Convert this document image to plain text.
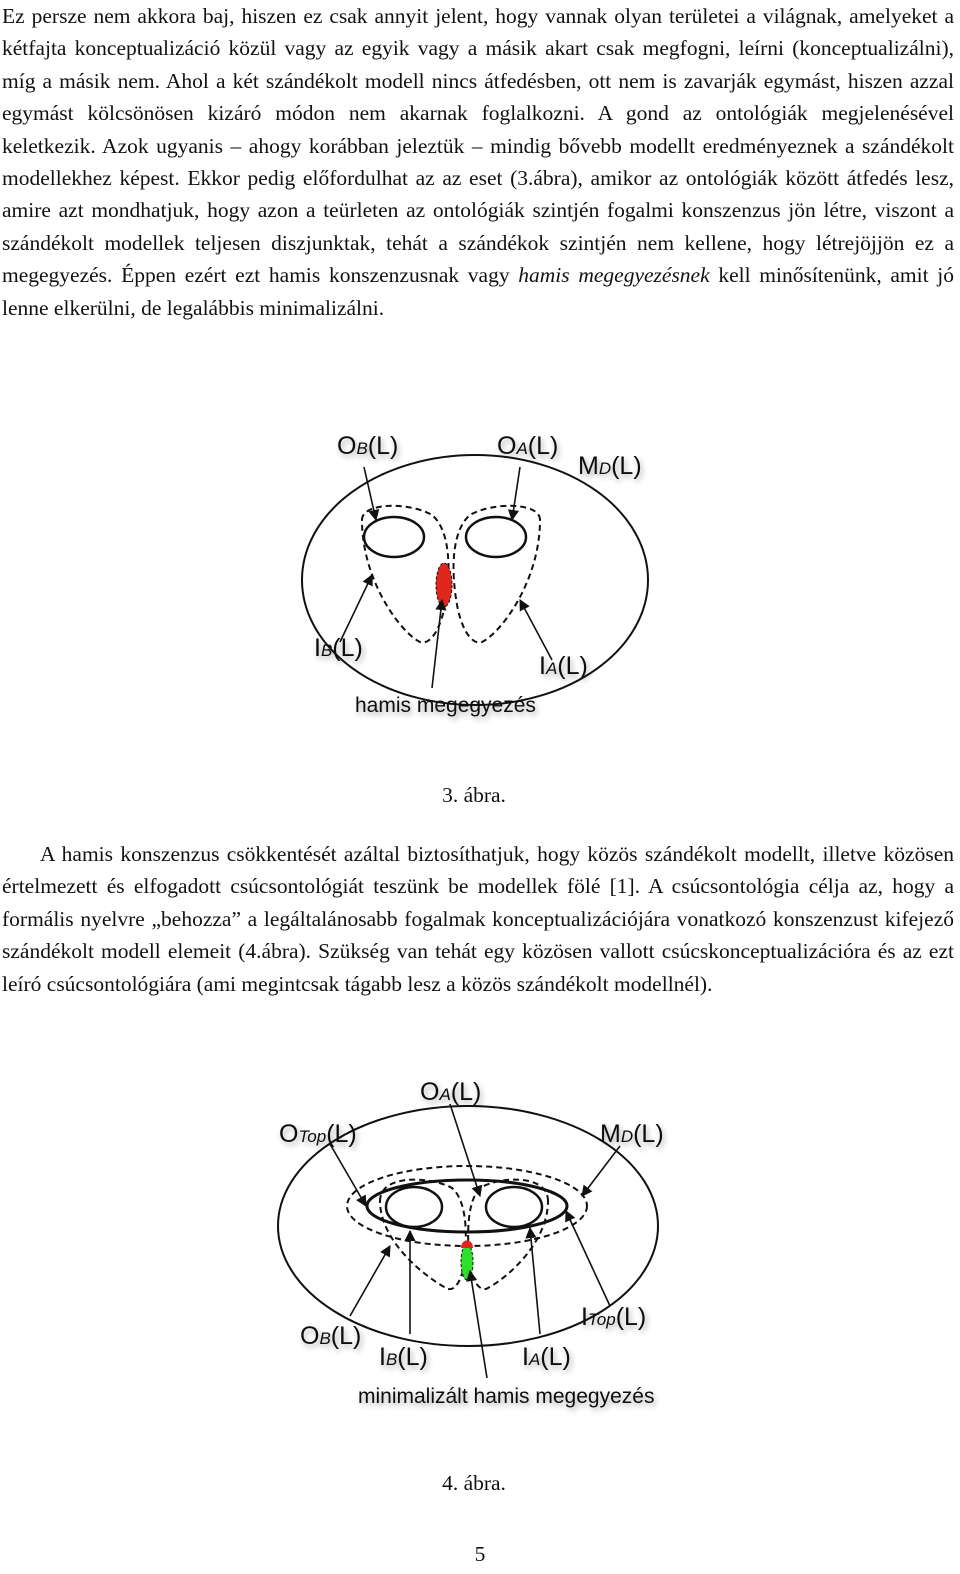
Ez persze nem akkora baj, hiszen ez csak annyit jelent, hogy vannak olyan területei a világnak, amelyeket a kétfajta konceptualizáció közül vagy az egyik vagy a másik akart csak megfogni, leírni (konceptualizálni), míg a másik nem. Ahol a két szándékolt modell nincs átfedésben, ott nem is zavarják egymást, hiszen azzal egymást kölcsönösen kizáró módon nem akarnak foglalkozni. A gond az ontológiák megjelenésével keletkezik. Azok ugyanis – ahogy korábban jeleztük – mindig bővebb modellt eredményeznek a szándékolt modellekhez képest. Ekkor pedig előfordulhat az az eset (3.ábra), amikor az ontológiák között átfedés lesz, amire azt mondhatjuk, hogy azon a teürleten az ontológiák szintjén fogalmi konszenzus jön létre, viszont a szándékolt modellek teljesen diszjunktak, tehát a szándékok szintjén nem kellene, hogy létrejöjjön ez a megegyezés. Éppen ezért ezt hamis konszenzusnak vagy hamis megegyezésnek kell minősítenünk, amit jó lenne elkerülni, de legalábbis minimalizálni.

OB(L)	OA(L)
MD(L)
IB(L)
IA(L)
hamis megegyezés
3. ábra.

A hamis konszenzus csökkentését azáltal biztosíthatjuk, hogy közös szándékolt modellt, illetve közösen értelmezett és elfogadott csúcsontológiát teszünk be modellek fölé [1]. A csúcsontológia célja az, hogy a formális nyelvre „behozza” a legáltalánosabb fogalmak konceptualizációjára vonatkozó konszenzust kifejező szándékolt modell elemeit (4.ábra). Szükség van tehát egy közösen vallott csúcskonceptualizációra és az ezt leíró csúcsontológiára (ami megintcsak tágabb lesz a közös szándékolt modellnél).

OA(L)
OTop(L)	MD(L)
ITop(L)
OB(L)
IB(L)	IA(L)
minimalizált hamis megegyezés
4. ábra.
5
